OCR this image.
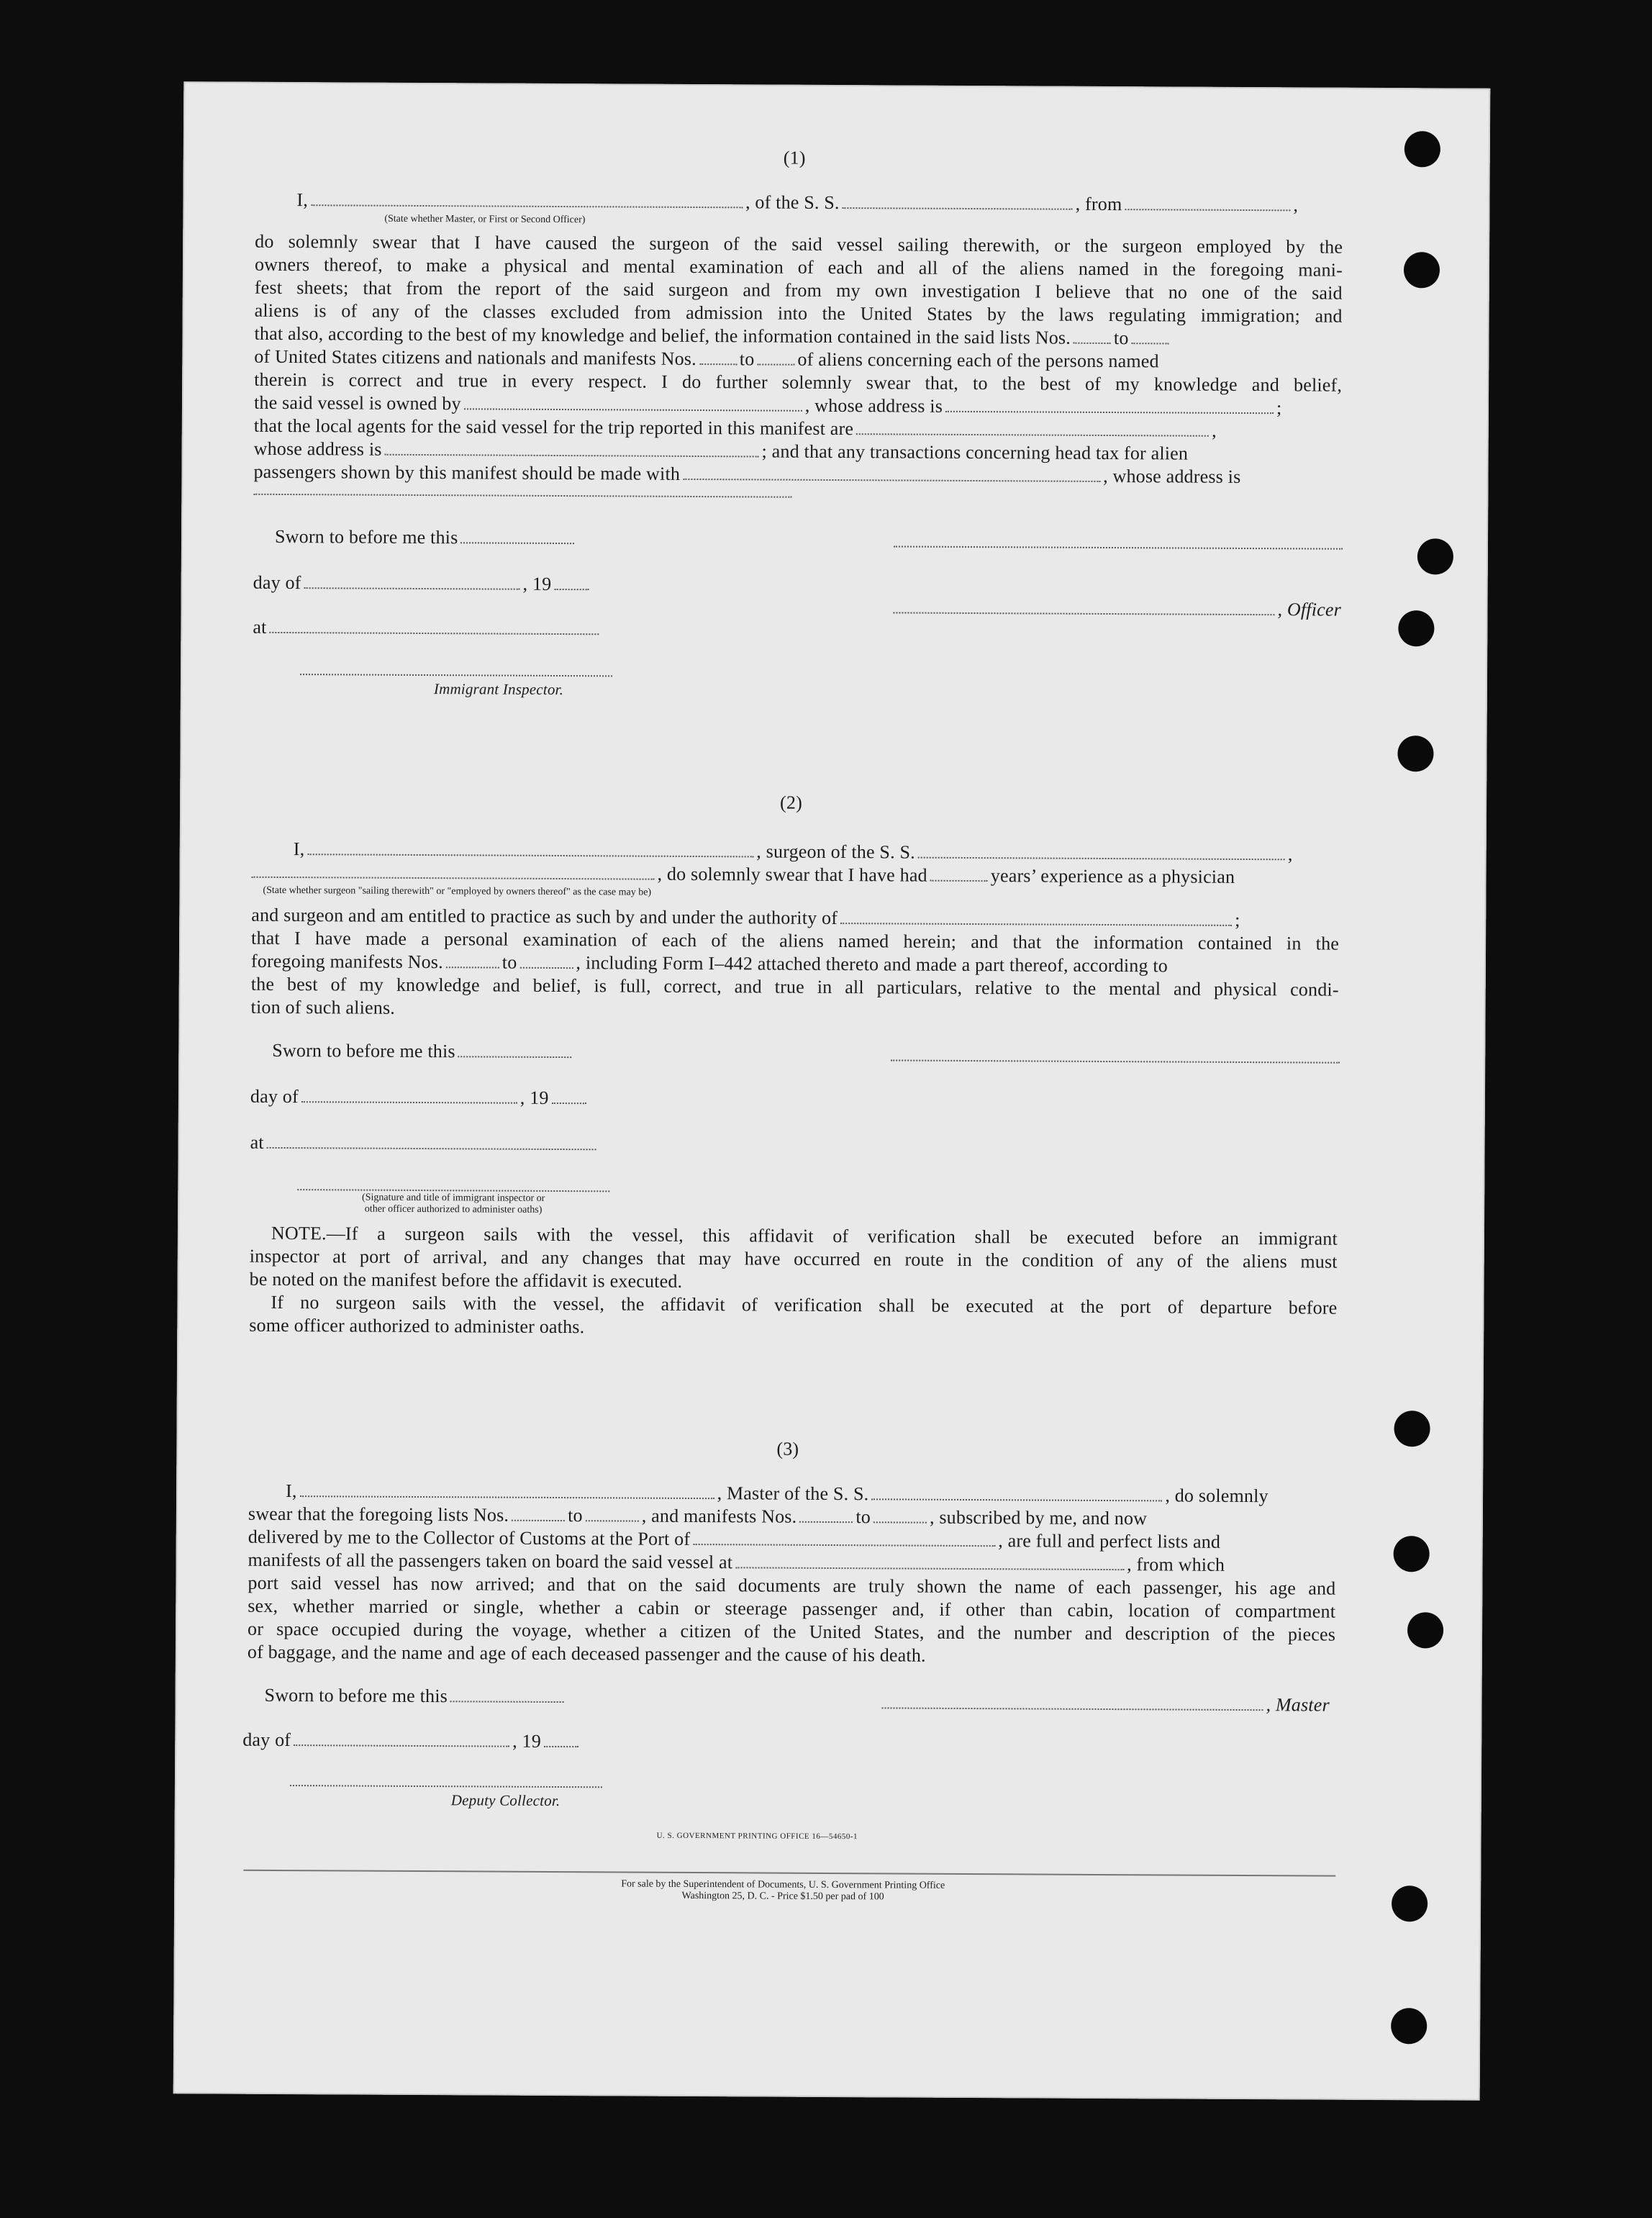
(1)
I,	, of the S. S.	, from	,
(State whether Master, or First or Second Officer)
do solemnly swear that I have caused the surgeon of the said vessel sailing therewith, or the surgeon employed by the
owners thereof, to make a physical and mental examination of each and all of the aliens named in the foregoing mani-
fest sheets; that from the report of the said surgeon and from my own investigation I believe that no one of the said
aliens is of any of the classes excluded from admission into the United States by the laws regulating immigration; and
that also, according to the best of my knowledge and belief, the information contained in the said lists Nos. to
of United States citizens and nationals and manifests Nos. to of aliens concerning each of the persons named
therein is correct and true in every respect. I do further solemnly swear that, to the best of my knowledge and belief,
the said vessel is owned by	, whose address is	;
that the local agents for the said vessel for the trip reported in this manifest are	,
whose address is	; and that any transactions concerning head tax for alien
passengers shown by this manifest should be made with	, whose address is
Sworn to before me this
day of	, 19
, Officer
at
Immigrant Inspector.
(2)
I,	, surgeon of the S. S.	,
, do solemnly swear that I have had	years’ experience as a physician
(State whether surgeon "sailing therewith" or "employed by owners thereof" as the case may be)
and surgeon and am entitled to practice as such by and under the authority of	;
that I have made a personal examination of each of the aliens named herein; and that the information contained in the
foregoing manifests Nos.	to	, including Form I–442 attached thereto and made a part thereof, according to
the best of my knowledge and belief, is full, correct, and true in all particulars, relative to the mental and physical condi-
tion of such aliens.
Sworn to before me this
day of	, 19
at
(Signature and title of immigrant inspector or
other officer authorized to administer oaths)
NOTE.—If a surgeon sails with the vessel, this affidavit of verification shall be executed before an immigrant
inspector at port of arrival, and any changes that may have occurred en route in the condition of any of the aliens must
be noted on the manifest before the affidavit is executed.
If no surgeon sails with the vessel, the affidavit of verification shall be executed at the port of departure before
some officer authorized to administer oaths.
(3)
I,	, Master of the S. S.	, do solemnly
swear that the foregoing lists Nos.	to	, and manifests Nos.	to	, subscribed by me, and now
delivered by me to the Collector of Customs at the Port of	, are full and perfect lists and
manifests of all the passengers taken on board the said vessel at	, from which
port said vessel has now arrived; and that on the said documents are truly shown the name of each passenger, his age and
sex, whether married or single, whether a cabin or steerage passenger and, if other than cabin, location of compartment
or space occupied during the voyage, whether a citizen of the United States, and the number and description of the pieces
of baggage, and the name and age of each deceased passenger and the cause of his death.
Sworn to before me this	, Master
day of	, 19
Deputy Collector.
U. S. GOVERNMENT PRINTING OFFICE 16—54650-1
For sale by the Superintendent of Documents, U. S. Government Printing Office
Washington 25, D. C. - Price $1.50 per pad of 100
